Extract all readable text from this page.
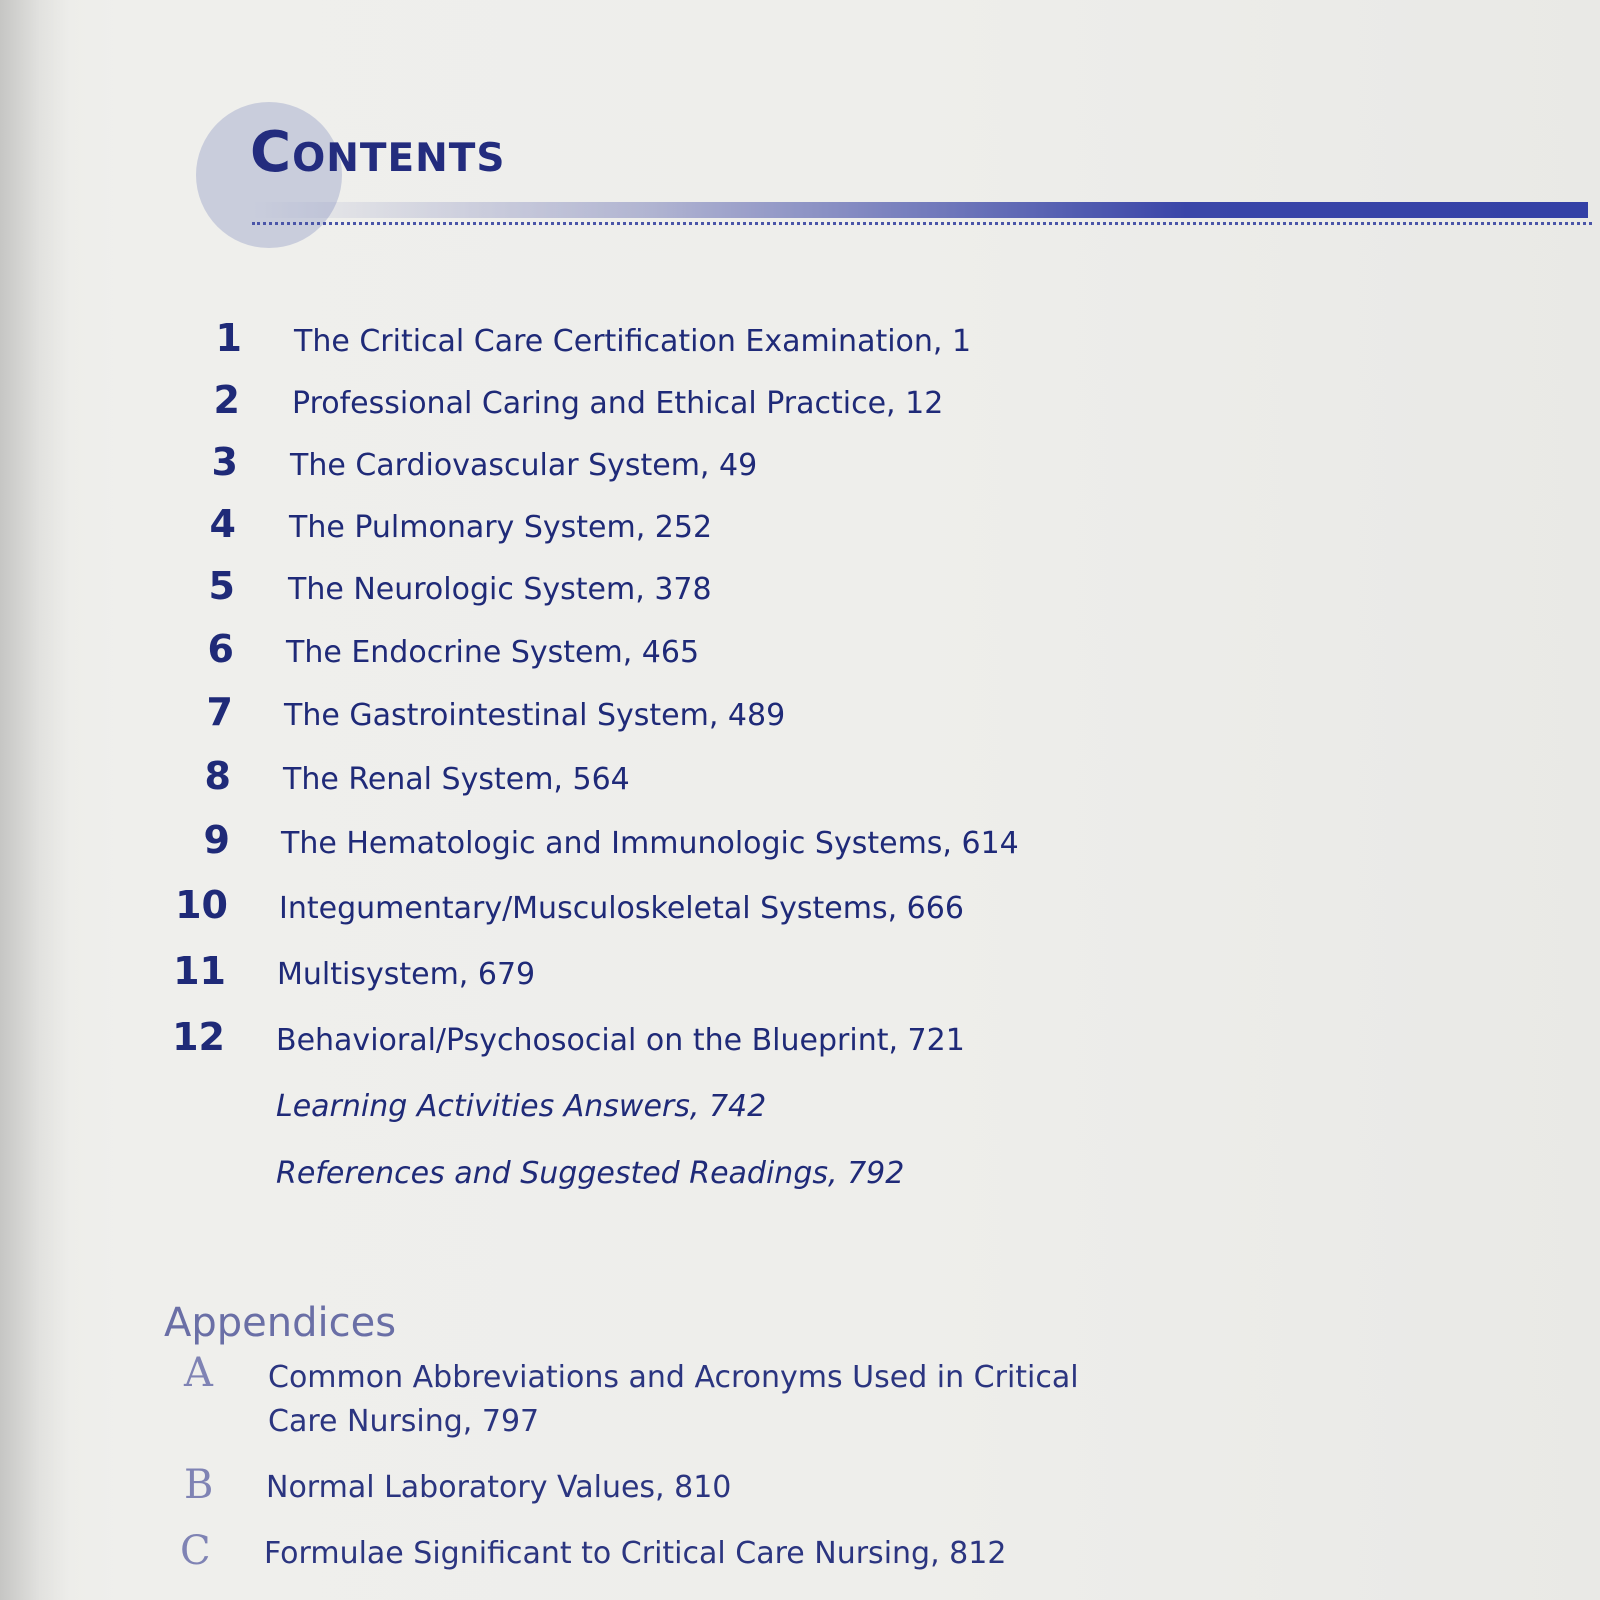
Contents
1 The Critical Care Certification Examination, 1
2 Professional Caring and Ethical Practice, 12
3 The Cardiovascular System, 49
4 The Pulmonary System, 252
5 The Neurologic System, 378
6 The Endocrine System, 465
7 The Gastrointestinal System, 489
8 The Renal System, 564
9 The Hematologic and Immunologic Systems, 614
10 Integumentary/Musculoskeletal Systems, 666
11 Multisystem, 679
12 Behavioral/Psychosocial on the Blueprint, 721
Learning Activities Answers, 742
References and Suggested Readings, 792
Appendices
A Common Abbreviations and Acronyms Used in Critical
Care Nursing, 797
B Normal Laboratory Values, 810
C Formulae Significant to Critical Care Nursing, 812
